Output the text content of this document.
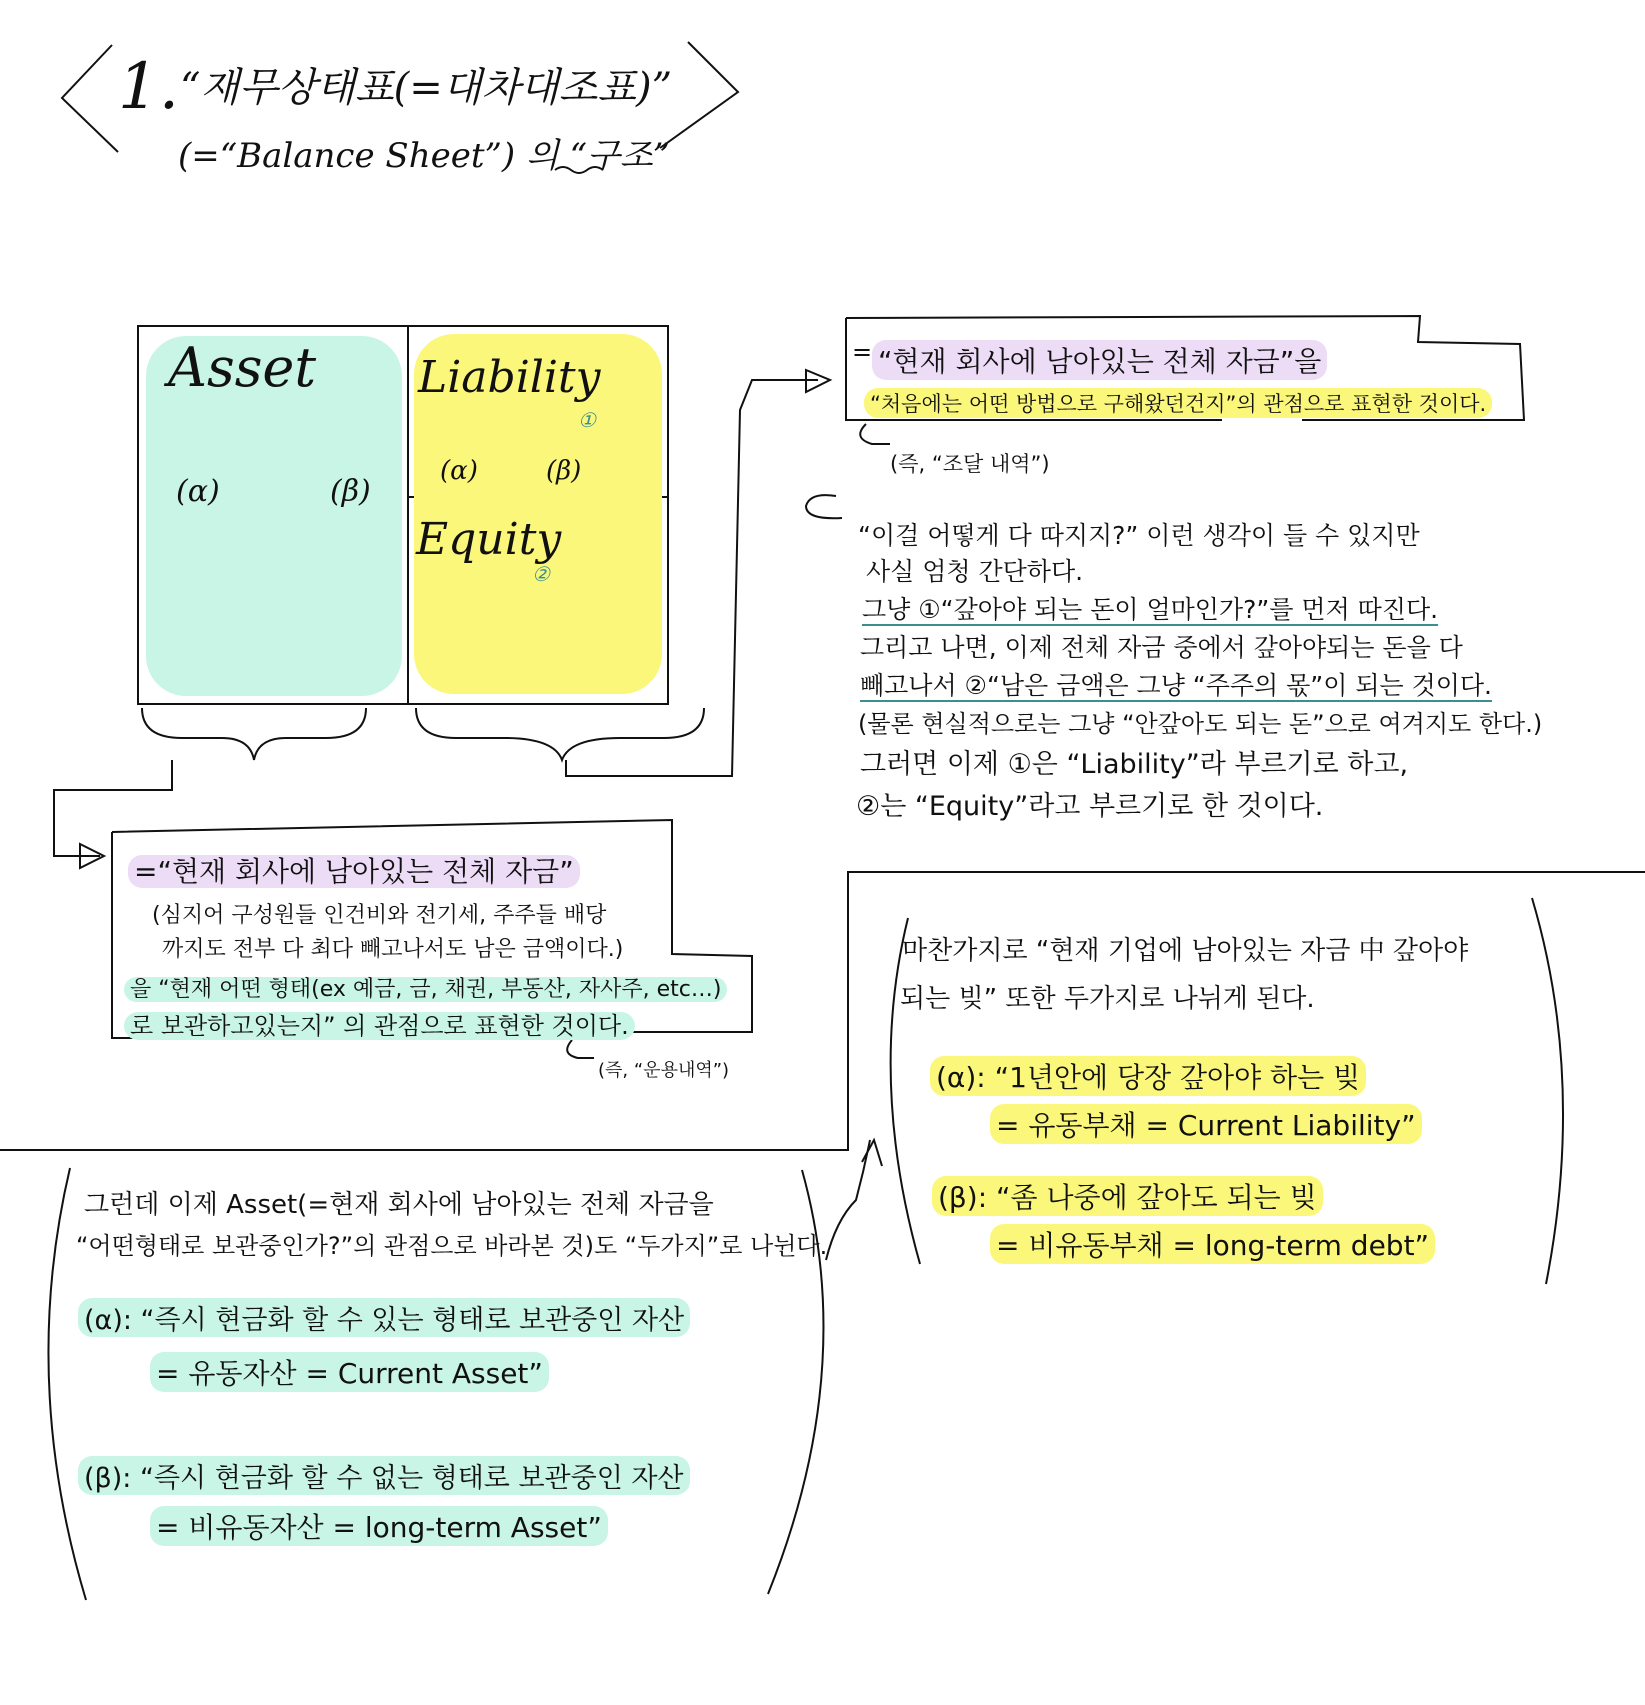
1. “재무상태표(=대차대조표)”
(=“Balance Sheet”) 의 “구조”
Asset
(α)	(β)
Liability
①
(α)	(β)
Equity
②
= “현재 회사에 남아있는 전체 자금”을
“처음에는 어떤 방법으로 구해왔던건지”의 관점으로 표현한 것이다.
(즉, “조달 내역”)
“이걸 어떻게 다 따지지?” 이런 생각이 들 수 있지만
사실 엄청 간단하다.
그냥 ①“갚아야 되는 돈이 얼마인가?”를 먼저 따진다.
그리고 나면, 이제 전체 자금 중에서 갚아야되는 돈을 다
빼고나서 ②“남은 금액은 그냥 “주주의 몫”이 되는 것이다.
(물론 현실적으로는 그냥 “안갚아도 되는 돈”으로 여겨지도 한다.)
그러면 이제 ①은 “Liability”라 부르기로 하고,
②는 “Equity”라고 부르기로 한 것이다.
=“현재 회사에 남아있는 전체 자금”
(심지어 구성원들 인건비와 전기세, 주주들 배당
까지도 전부 다 최다 빼고나서도 남은 금액이다.)
을 “현재 어떤 형태(ex 예금, 금, 채권, 부동산, 자사주, etc…)
로 보관하고있는지” 의 관점으로 표현한 것이다.
(즉, “운용내역”)
그런데 이제 Asset(=현재 회사에 남아있는 전체 자금을
“어떤형태로 보관중인가?”의 관점으로 바라본 것)도 “두가지”로 나뉜다.
(α): “즉시 현금화 할 수 있는 형태로 보관중인 자산
= 유동자산 = Current Asset”
(β): “즉시 현금화 할 수 없는 형태로 보관중인 자산
= 비유동자산 = long-term Asset”
마찬가지로 “현재 기업에 남아있는 자금 中 갚아야
되는 빚” 또한 두가지로 나뉘게 된다.
(α): “1년안에 당장 갚아야 하는 빚
= 유동부채 = Current Liability”
(β): “좀 나중에 갚아도 되는 빚
= 비유동부채 = long-term debt”
